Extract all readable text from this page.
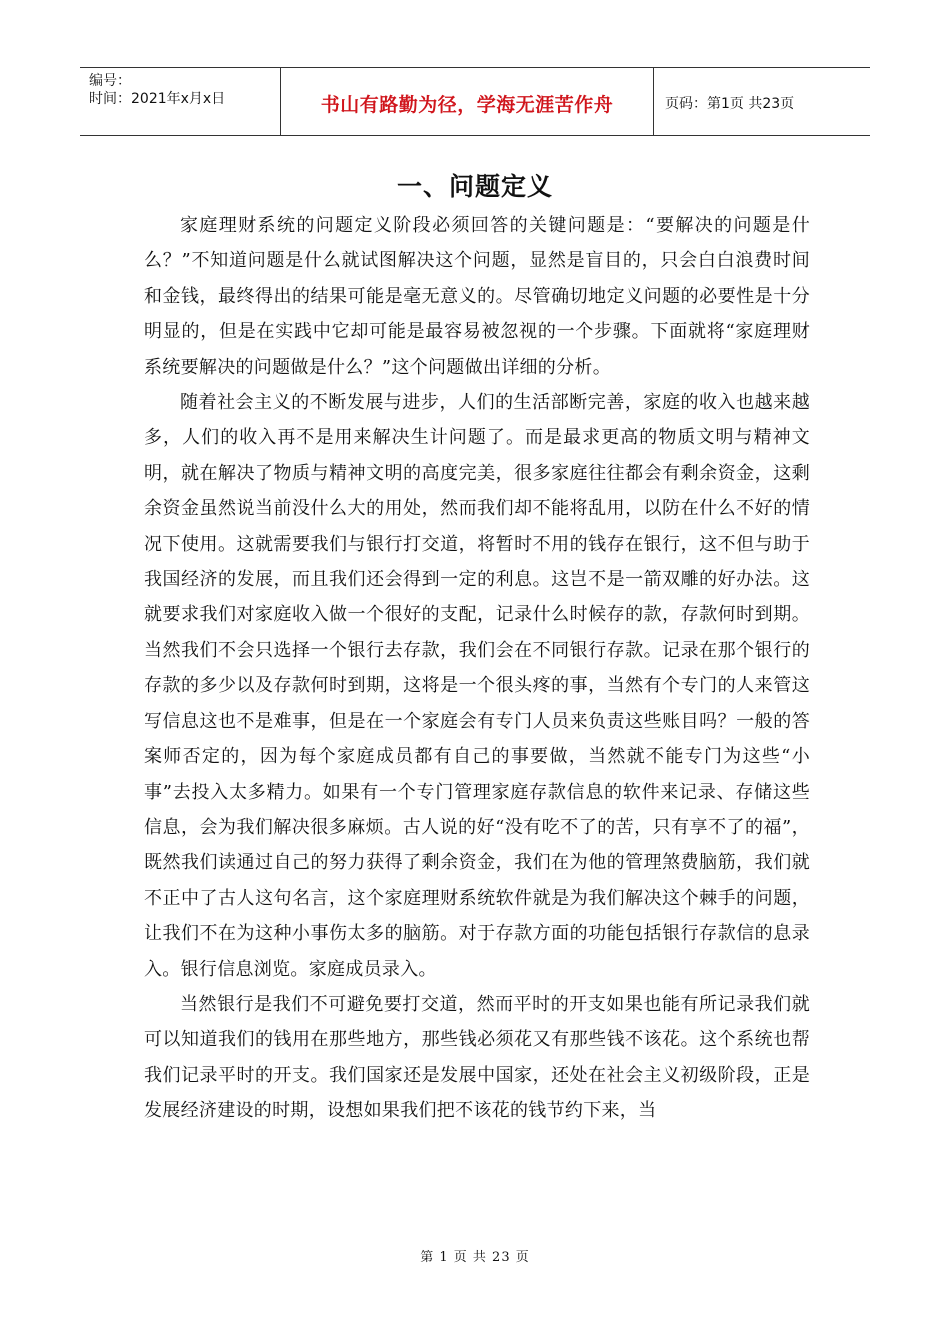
编号：
时间：2021年x月x日	书山有路勤为径，学海无涯苦作舟	页码：第1页 共23页
一、问题定义

家庭理财系统的问题定义阶段必须回答的关键问题是：“要解决的问题是什么？”不知道问题是什么就试图解决这个问题，显然是盲目的，只会白白浪费时间和金钱，最终得出的结果可能是毫无意义的。尽管确切地定义问题的必要性是十分明显的，但是在实践中它却可能是最容易被忽视的一个步骤。下面就将“家庭理财系统要解决的问题做是什么？”这个问题做出详细的分析。

随着社会主义的不断发展与进步，人们的生活部断完善，家庭的收入也越来越多，人们的收入再不是用来解决生计问题了。而是最求更高的物质文明与精神文明，就在解决了物质与精神文明的高度完美，很多家庭往往都会有剩余资金，这剩余资金虽然说当前没什么大的用处，然而我们却不能将乱用，以防在什么不好的情况下使用。这就需要我们与银行打交道，将暂时不用的钱存在银行，这不但与助于我国经济的发展，而且我们还会得到一定的利息。这岂不是一箭双雕的好办法。这就要求我们对家庭收入做一个很好的支配，记录什么时候存的款，存款何时到期。当然我们不会只选择一个银行去存款，我们会在不同银行存款。记录在那个银行的存款的多少以及存款何时到期，这将是一个很头疼的事，当然有个专门的人来管这写信息这也不是难事，但是在一个家庭会有专门人员来负责这些账目吗？一般的答案师否定的，因为每个家庭成员都有自己的事要做，当然就不能专门为这些“小事”去投入太多精力。如果有一个专门管理家庭存款信息的软件来记录、存储这些信息，会为我们解决很多麻烦。古人说的好“没有吃不了的苦，只有享不了的福”，既然我们读通过自己的努力获得了剩余资金，我们在为他的管理煞费脑筋，我们就不正中了古人这句名言，这个家庭理财系统软件就是为我们解决这个棘手的问题，让我们不在为这种小事伤太多的脑筋。对于存款方面的功能包括银行存款信的息录入。银行信息浏览。家庭成员录入。

当然银行是我们不可避免要打交道，然而平时的开支如果也能有所记录我们就可以知道我们的钱用在那些地方，那些钱必须花又有那些钱不该花。这个系统也帮我们记录平时的开支。我们国家还是发展中国家，还处在社会主义初级阶段，正是发展经济建设的时期，设想如果我们把不该花的钱节约下来，当

第 1 页 共 23 页
